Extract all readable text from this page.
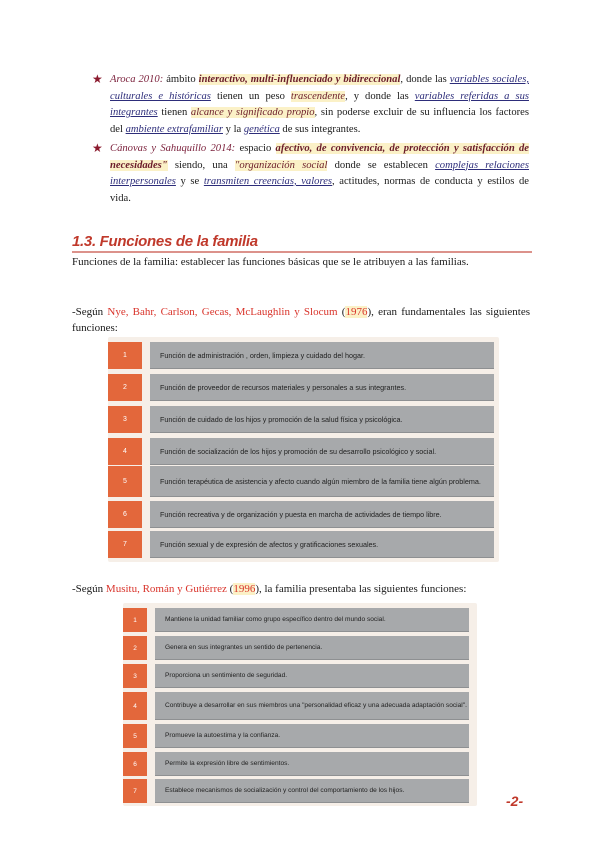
★ Aroca 2010: ámbito interactivo, multi-influenciado y bidireccional, donde las variables sociales, culturales e históricas tienen un peso trascendente, y donde las variables referidas a sus integrantes tienen alcance y significado propio, sin poderse excluir de su influencia los factores del ambiente extrafamiliar y la genética de sus integrantes.
★ Cánovas y Sahuquillo 2014: espacio afectivo, de convivencia, de protección y satisfacción de necesidades" siendo, una "organización social donde se establecen complejas relaciones interpersonales y se transmiten creencias, valores, actitudes, normas de conducta y estilos de vida.
1.3. Funciones de la familia
Funciones de la familia: establecer las funciones básicas que se le atribuyen a las familias.
-Según Nye, Bahr, Carlson, Gecas, McLaughlin y Slocum (1976), eran fundamentales las siguientes funciones:
1	Función de administración , orden, limpieza y cuidado del hogar.
2	Función de proveedor de recursos materiales y personales a sus integrantes.
3	Función de cuidado de los hijos y promoción de la salud física y psicológica.
4	Función de socialización de los hijos y promoción de su desarrollo psicológico y social.
5	Función terapéutica de asistencia y afecto cuando algún miembro de la familia tiene algún problema.
6	Función recreativa y de organización y puesta en marcha de actividades de tiempo libre.
7	Función sexual y de expresión de afectos y gratificaciones sexuales.
-Según Musitu, Román y Gutiérrez (1996), la familia presentaba las siguientes funciones:
1	Mantiene la unidad familiar como grupo específico dentro del mundo social.
2	Genera en sus integrantes un sentido de pertenencia.
3	Proporciona un sentimiento de seguridad.
4	Contribuye a desarrollar en sus miembros una "personalidad eficaz y una adecuada adaptación social".
5	Promueve la autoestima y la confianza.
6	Permite la expresión libre de sentimientos.
7	Establece mecanismos de socialización y control del comportamiento de los hijos.
-2-
